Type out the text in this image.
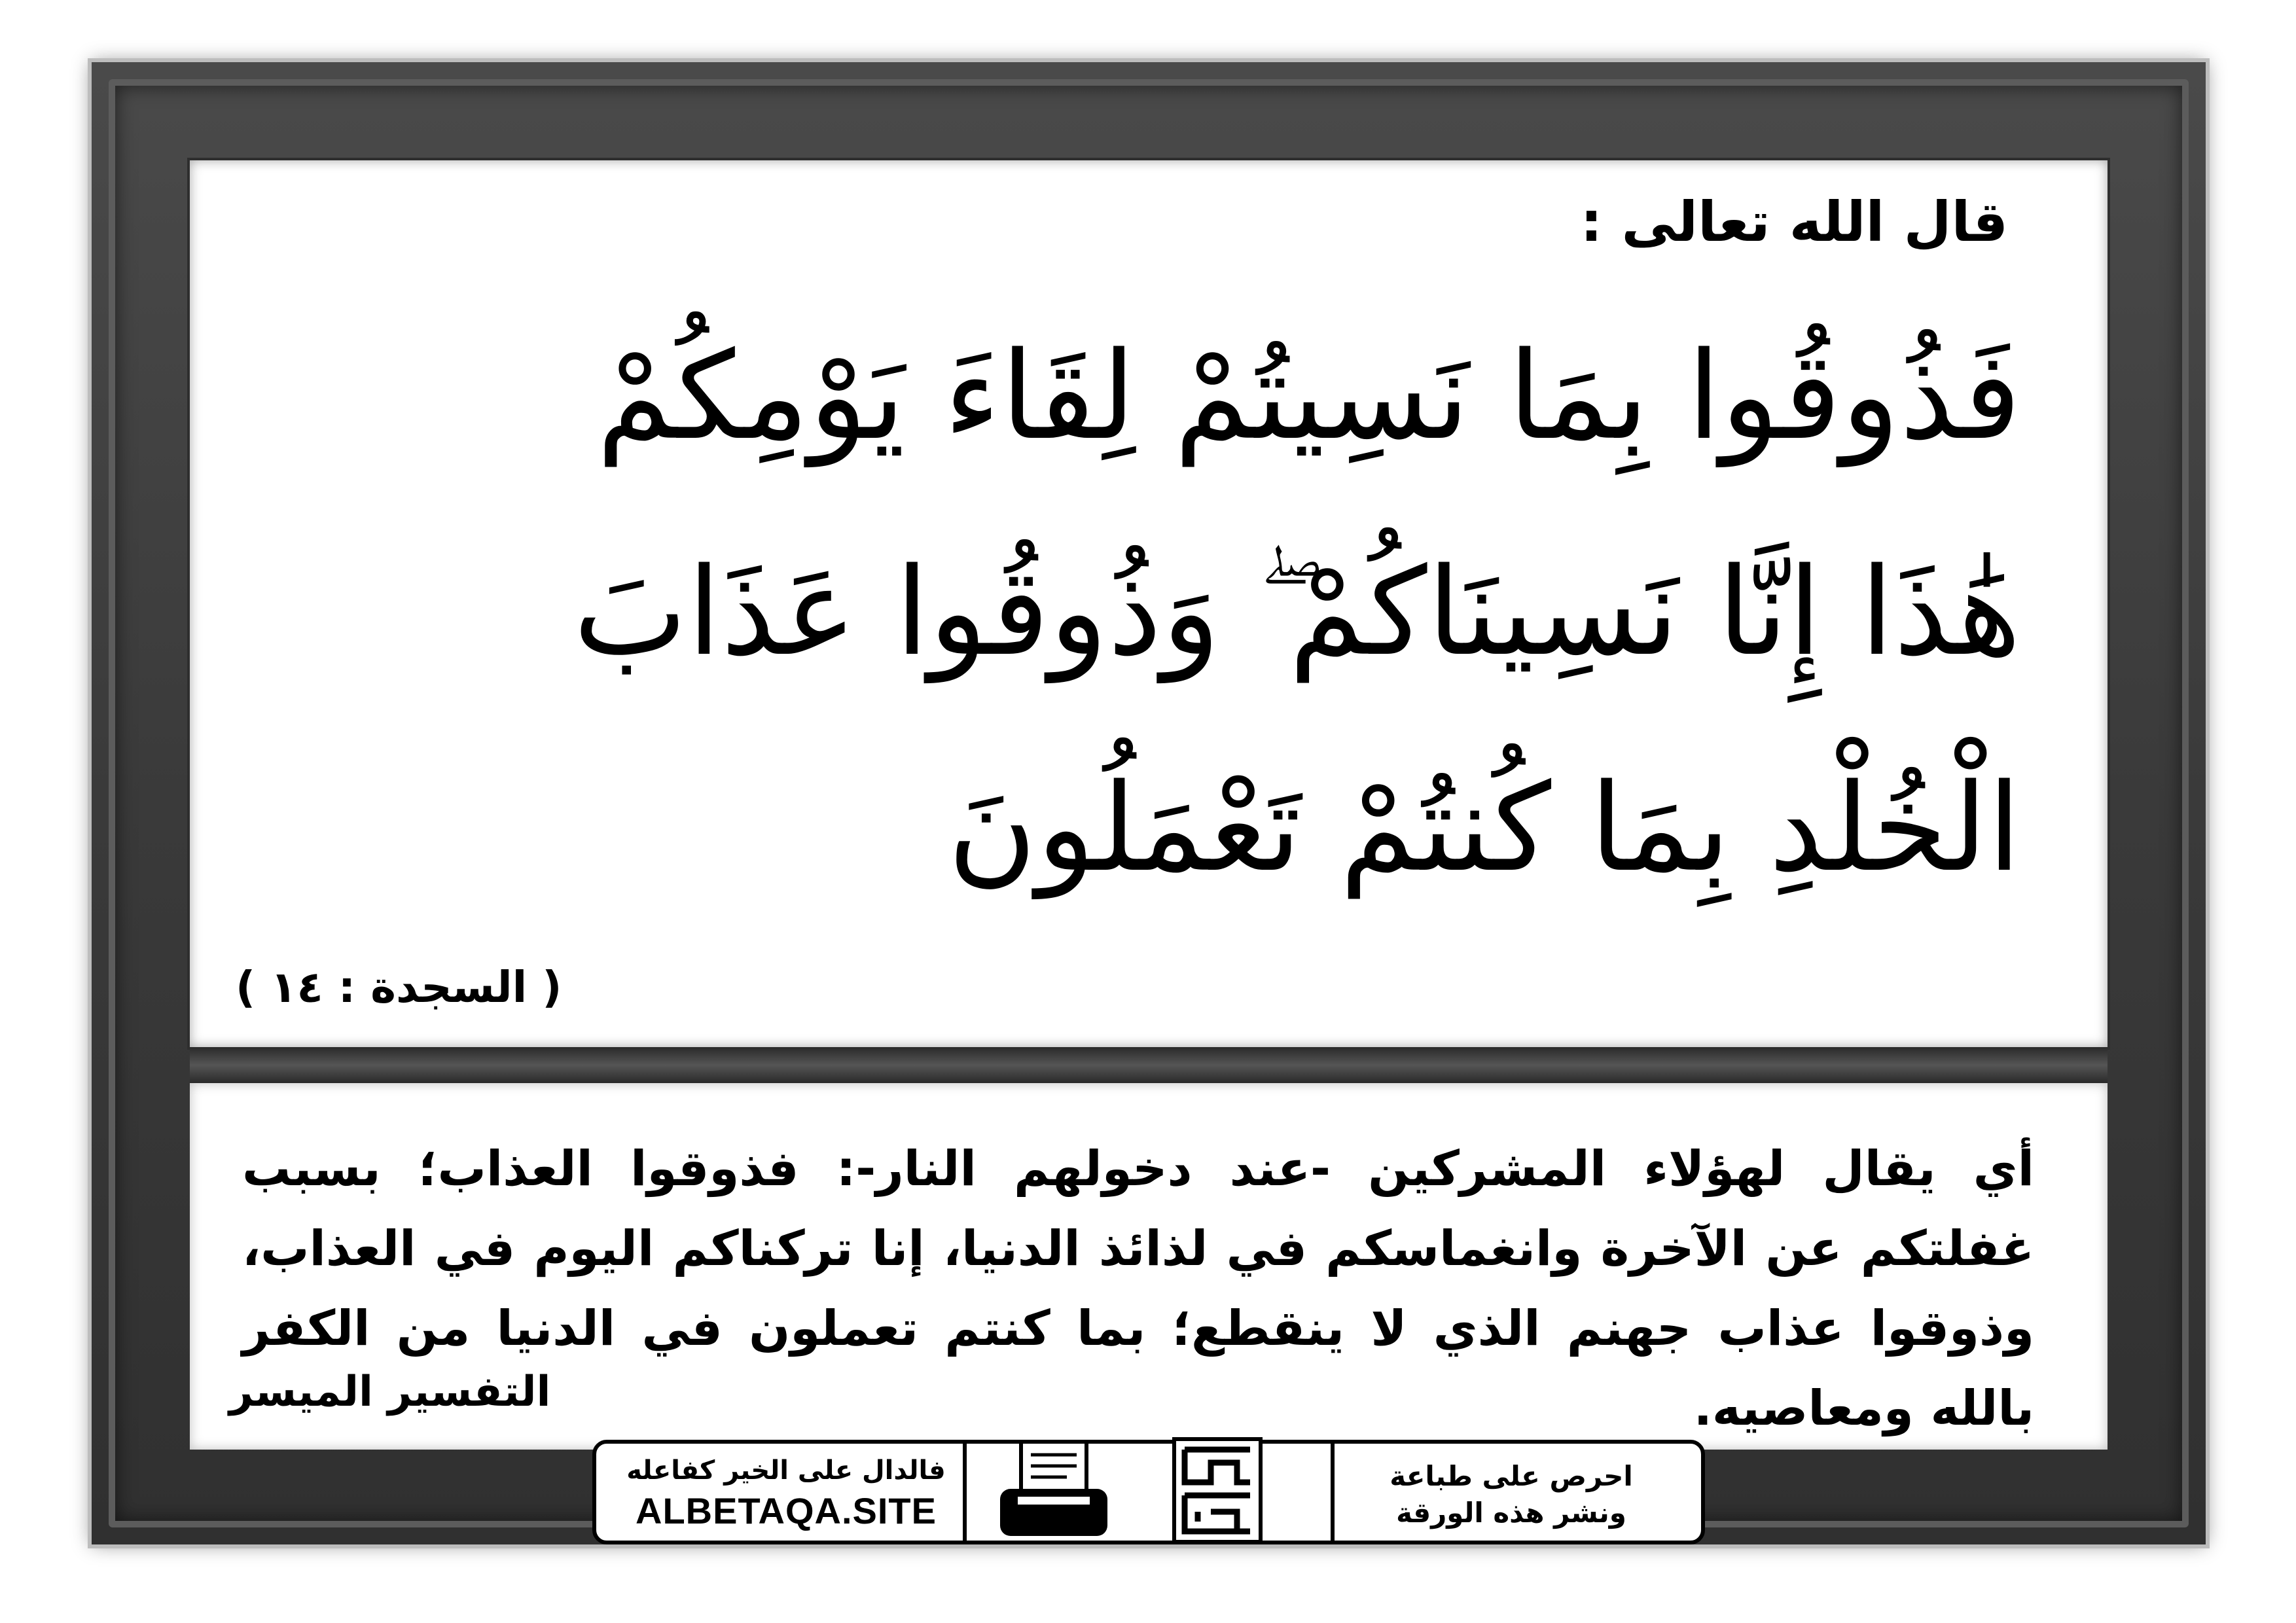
قال الله تعالى :
فَذُوقُوا بِمَا نَسِيتُمْ لِقَاءَ يَوْمِكُمْ
هَٰذَا إِنَّا نَسِينَاكُمْ ۖ وَذُوقُوا عَذَابَ
الْخُلْدِ بِمَا كُنتُمْ تَعْمَلُونَ
( السجدة : ١٤ )
أي يقال لهؤلاء المشركين -عند دخولهم النار-: فذوقوا العذاب؛ بسبب غفلتكم عن الآخرة وانغماسكم في لذائذ الدنيا، إنا تركناكم اليوم في العذاب، وذوقوا عذاب جهنم الذي لا ينقطع؛ بما كنتم تعملون في الدنيا من الكفر بالله ومعاصيه.
التفسير الميسر
احرص على طباعة
ونشر هذه الورقة
فالدال على الخير كفاعله
ALBETAQA.SITE
